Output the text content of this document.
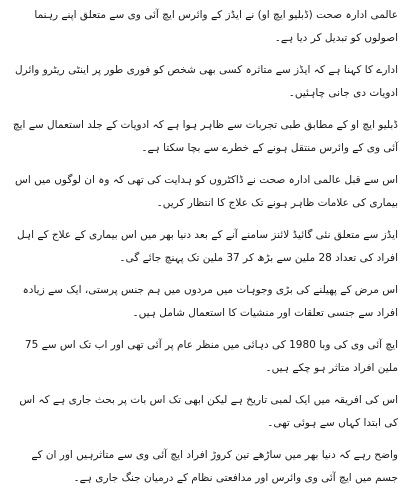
عالمی ادارہ صحت (ڈبلیو ایچ او) نے ایڈز کے وائرس ایچ آئی وی سے متعلق اپنے رہنما اصولوں کو تبدیل کر دیا ہے۔

ادارے کا کہنا ہے کہ ایڈز سے متاثرہ کسی بھی شخص کو فوری طور پر اینٹی ریٹرو وائرل ادویات دی جانی چاہئیں۔

ڈبلیو ایچ او کے مطابق طبی تجربات سے ظاہر ہوا ہے کہ ادویات کے جلد استعمال سے ایچ آئی وی کے وائرس منتقل ہونے کے خطرے سے بچا سکتا ہے۔

اس سے قبل عالمی ادارہ صحت نے ڈاکٹروں کو ہدایت کی تھی کہ وہ ان لوگوں میں اس بیماری کی علامات ظاہر ہونے تک علاج کا انتظار کریں۔

ایڈز سے متعلق نئی گائیڈ لائنز سامنے آنے کے بعد دنیا بھر میں اس بیماری کے علاج کے اہل افراد کی تعداد 28 ملین سے بڑھ کر 37 ملین تک پہنچ جائے گی۔

اس مرض کے پھیلنے کی بڑی وجوہات میں مردوں میں ہم جنس پرستی، ایک سے زیادہ افراد سے جنسی تعلقات اور منشیات کا استعمال شامل ہیں۔

ایچ آئی وی کی وبا 1980 کی دہائی میں منظر عام پر آئی تھی اور اب تک اس سے 75 ملین افراد متاثر ہو چکے ہیں۔

اس کی افریقہ میں ایک لمبی تاریخ ہے لیکن ابھی تک اس بات پر بحث جاری ہے کہ اس کی ابتدا کہاں سے ہوئی تھی۔

واضح رہے کہ دنیا بھر میں ساڑھے تین کروڑ افراد ایچ آئی وی سے متاثرہیں اور ان کے جسم میں ایچ آئی وی وائرس اور مدافعتی نظام کے درمیان جنگ جاری ہے۔
